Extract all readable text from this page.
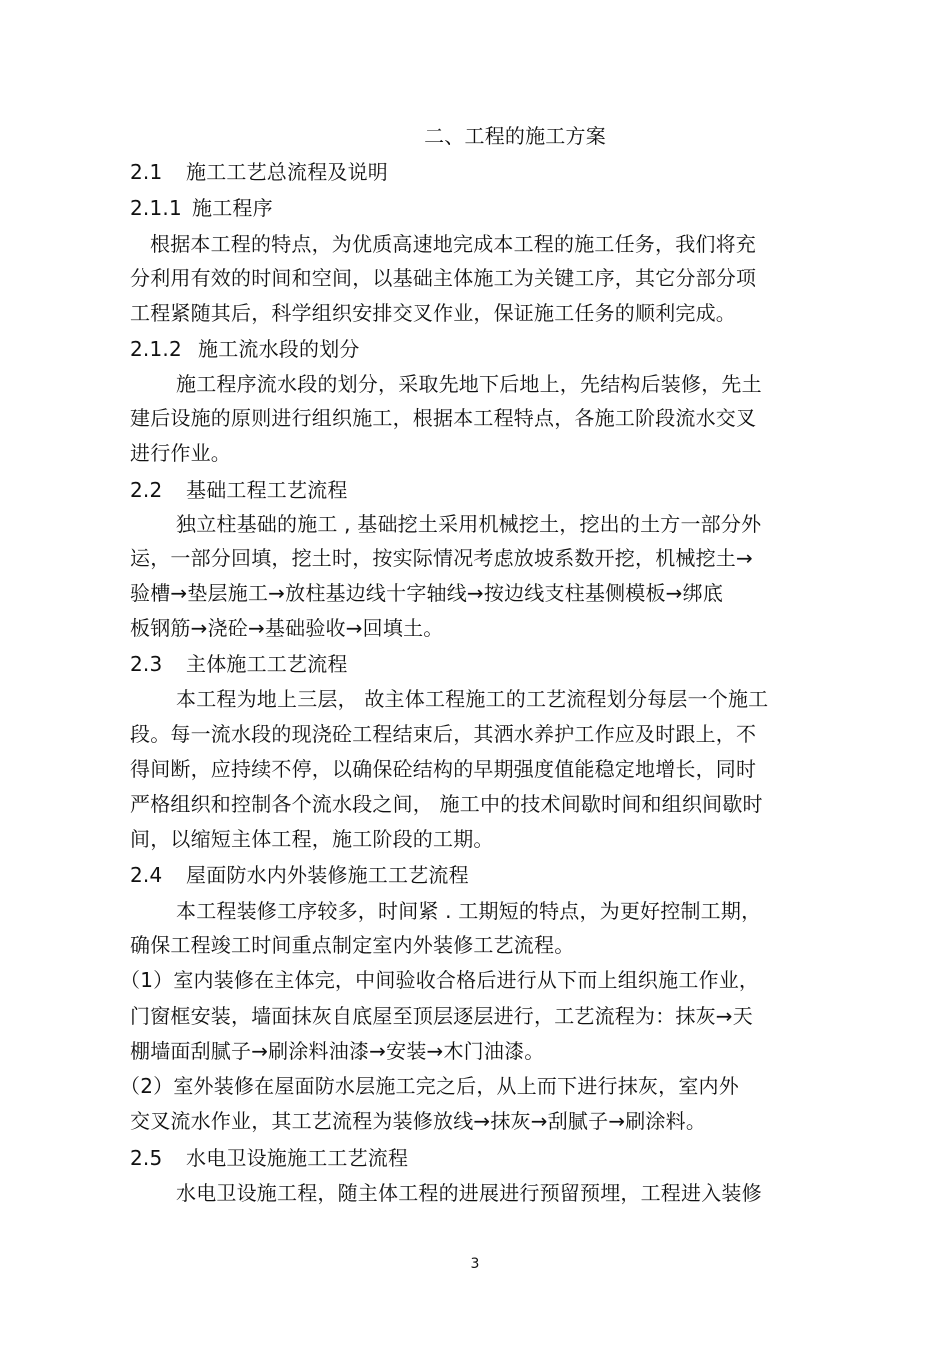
二、工程的施工方案
2.1 施工工艺总流程及说明
2.1.1 施工程序
根据本工程的特点，为优质高速地完成本工程的施工任务，我们将充
分利用有效的时间和空间，以基础主体施工为关键工序，其它分部分项
工程紧随其后，科学组织安排交叉作业，保证施工任务的顺利完成。
2.1.2 施工流水段的划分
施工程序流水段的划分，采取先地下后地上，先结构后装修，先土
建后设施的原则进行组织施工，根据本工程特点，各施工阶段流水交叉
进行作业。
2.2 基础工程工艺流程
独立柱基础的施工 , 基础挖土采用机械挖土，挖出的土方一部分外
运，一部分回填，挖土时，按实际情况考虑放坡系数开挖，机械挖土→
验槽→垫层施工→放柱基边线十字轴线→按边线支柱基侧模板→绑底
板钢筋→浇砼→基础验收→回填土。
2.3 主体施工工艺流程
本工程为地上三层， 故主体工程施工的工艺流程划分每层一个施工
段。每一流水段的现浇砼工程结束后，其洒水养护工作应及时跟上，不
得间断，应持续不停，以确保砼结构的早期强度值能稳定地增长，同时
严格组织和控制各个流水段之间， 施工中的技术间歇时间和组织间歇时
间，以缩短主体工程，施工阶段的工期。
2.4 屋面防水内外装修施工工艺流程
本工程装修工序较多，时间紧 . 工期短的特点，为更好控制工期，
确保工程竣工时间重点制定室内外装修工艺流程。
（1）室内装修在主体完，中间验收合格后进行从下而上组织施工作业，
门窗框安装，墙面抹灰自底屋至顶层逐层进行，工艺流程为：抹灰→天
棚墙面刮腻子→刷涂料油漆→安装→木门油漆。
（2）室外装修在屋面防水层施工完之后，从上而下进行抹灰，室内外
交叉流水作业，其工艺流程为装修放线→抹灰→刮腻子→刷涂料。
2.5 水电卫设施施工工艺流程
水电卫设施工程，随主体工程的进展进行预留预埋，工程进入装修
3
